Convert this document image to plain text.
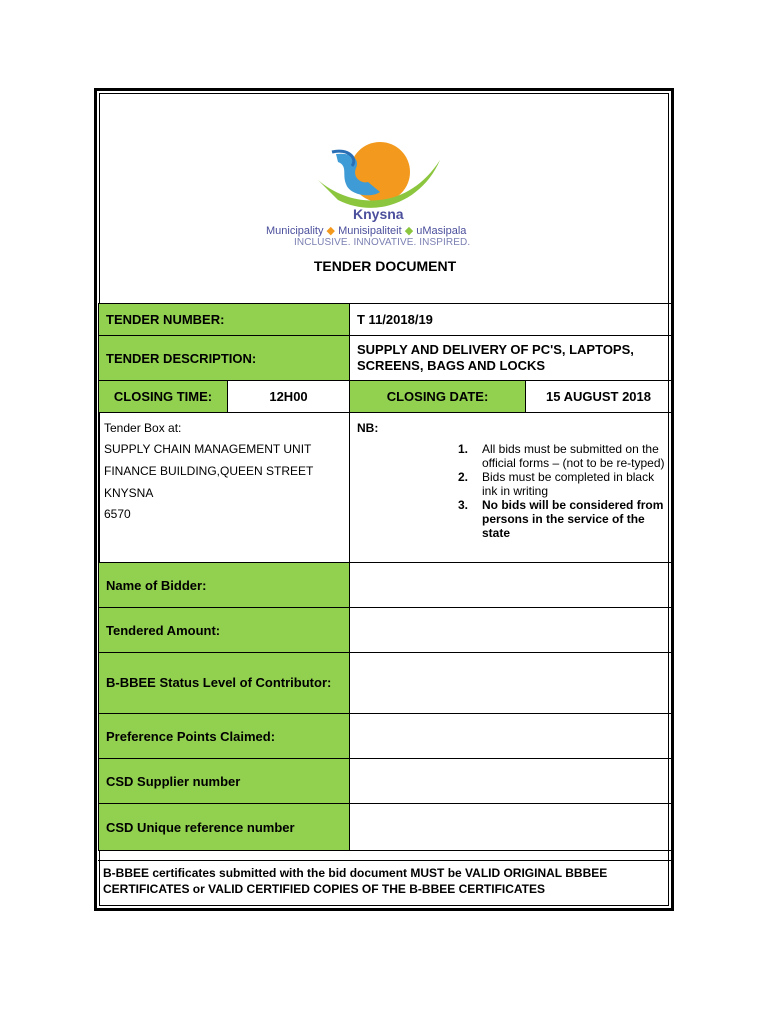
Knysna
Municipality ◆ Munisipaliteit ◆ uMasipala
INCLUSIVE. INNOVATIVE. INSPIRED.
TENDER DOCUMENT
TENDER NUMBER:	T 11/2018/19
TENDER DESCRIPTION:
SUPPLY AND DELIVERY OF PC'S, LAPTOPS, SCREENS, BAGS AND LOCKS
CLOSING TIME:	12H00	CLOSING DATE:	15 AUGUST 2018
Tender Box at:
SUPPLY CHAIN MANAGEMENT UNIT
FINANCE BUILDING,QUEEN STREET
KNYSNA
6570
NB:
1. All bids must be submitted on the official forms – (not to be re-typed)
2. Bids must be completed in black ink in writing
3. No bids will be considered from persons in the service of the state
Name of Bidder:
Tendered Amount:
B-BBEE Status Level of Contributor:
Preference Points Claimed:
CSD Supplier number
CSD Unique reference number
B-BBEE certificates submitted with the bid document MUST be VALID ORIGINAL BBBEE CERTIFICATES or VALID CERTIFIED COPIES OF THE B-BBEE CERTIFICATES
